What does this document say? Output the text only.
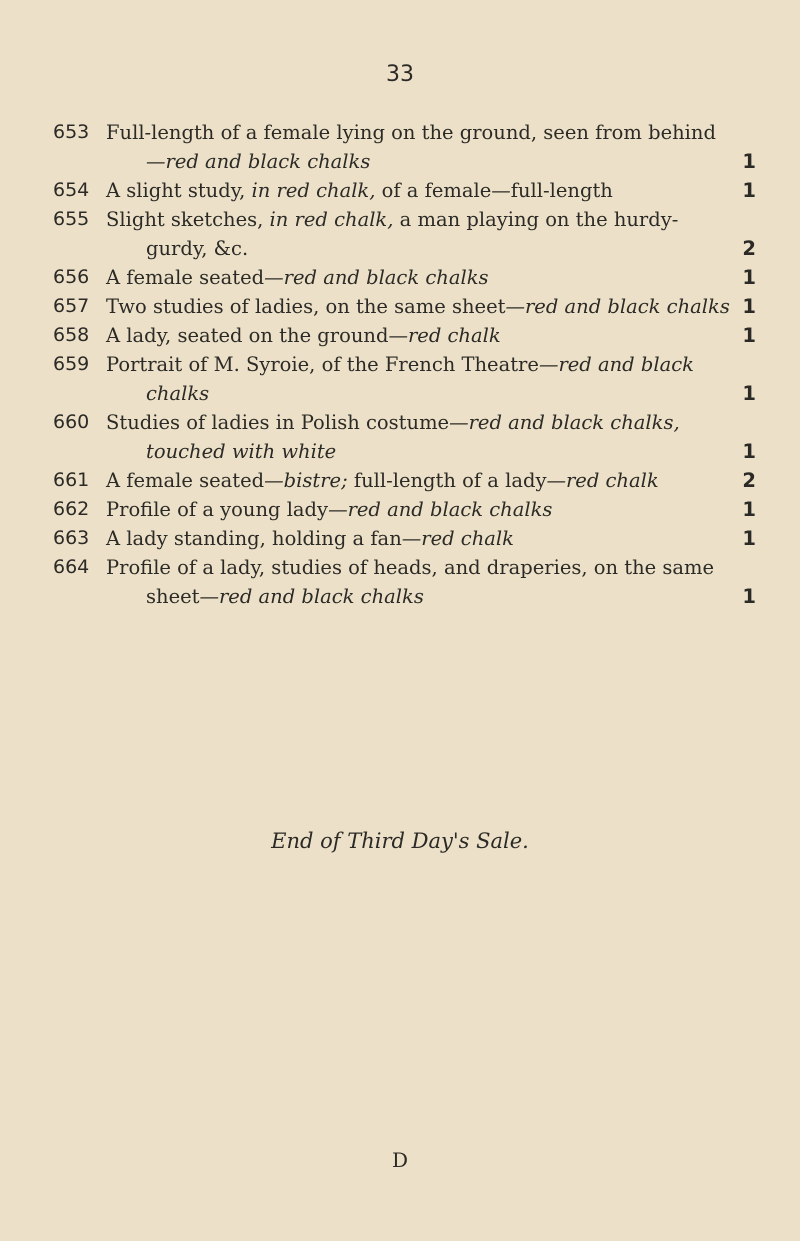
33
653 Full-length of a female lying on the ground, seen from behind
—red and black chalks	1
654 A slight study, in red chalk, of a female—full-length	1
655 Slight sketches, in red chalk, a man playing on the hurdy-
gurdy, &c.	2
656 A female seated—red and black chalks	1
657 Two studies of ladies, on the same sheet—red and black chalks 1
658 A lady, seated on the ground—red chalk	1
659 Portrait of M. Syroie, of the French Theatre—red and black
chalks	1
660 Studies of ladies in Polish costume—red and black chalks,
touched with white	1
661 A female seated—bistre; full-length of a lady—red chalk	2
662 Profile of a young lady—red and black chalks	1
663 A lady standing, holding a fan—red chalk	1
664 Profile of a lady, studies of heads, and draperies, on the same
sheet—red and black chalks	1
End of Third Day's Sale.
D
